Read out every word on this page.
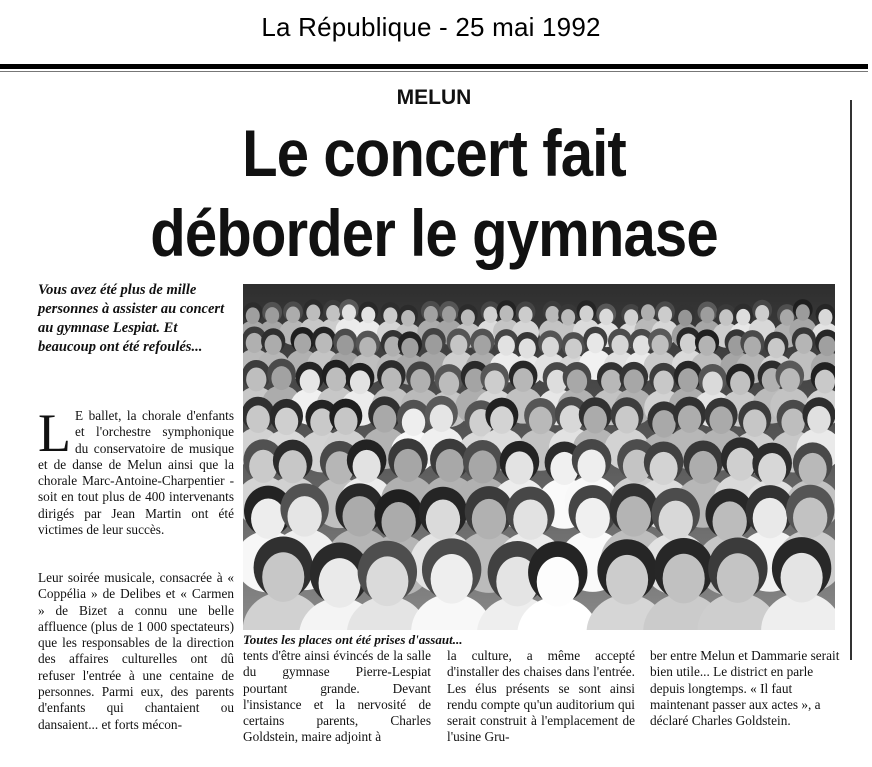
La République - 25 mai 1992
MELUN
Le concert fait
déborder le gymnase
Vous avez été plus de mille personnes à assister au concert au gymnase Lespiat. Et beaucoup ont été refoulés...
L E ballet, la chorale d'enfants et l'orchestre symphonique du conservatoire de musique et de danse de Melun ainsi que la chorale Marc-Antoine-Charpentier -soit en tout plus de 400 intervenants dirigés par Jean Martin ont été victimes de leur succès.
Leur soirée musicale, consacrée à « Coppélia » de Delibes et « Carmen » de Bizet a connu une belle affluence (plus de 1 000 spectateurs) que les responsables de la direction des affaires culturelles ont dû refuser l'entrée à une centaine de personnes. Parmi eux, des parents d'enfants qui chantaient ou dansaient... et forts mécon-
Toutes les places ont été prises d'assaut...
tents d'être ainsi évincés de la salle du gymnase Pierre-Lespiat pourtant grande. Devant l'insistance et la nervosité de certains parents, Charles Goldstein, maire adjoint à
la culture, a même accepté d'installer des chaises dans l'entrée. Les élus présents se sont ainsi rendu compte qu'un auditorium qui serait construit à l'emplacement de l'usine Gru-
ber entre Melun et Dammarie serait bien utile... Le district en parle depuis longtemps. « Il faut maintenant passer aux actes », a déclaré Charles Goldstein.
